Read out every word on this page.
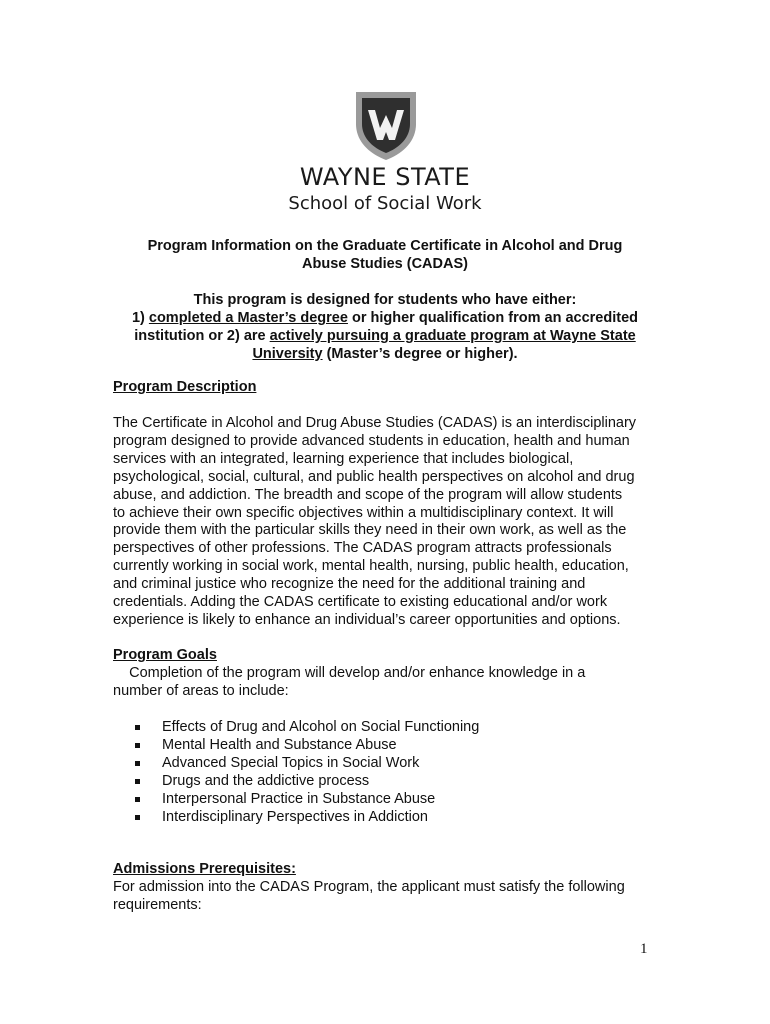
WAYNE STATE
School of Social Work
Program Information on the Graduate Certificate in Alcohol and Drug
Abuse Studies (CADAS)
This program is designed for students who have either:
1) completed a Master’s degree or higher qualification from an accredited
institution or 2) are actively pursuing a graduate program at Wayne State
University (Master’s degree or higher).
Program Description
The Certificate in Alcohol and Drug Abuse Studies (CADAS) is an interdisciplinary
program designed to provide advanced students in education, health and human
services with an integrated, learning experience that includes biological,
psychological, social, cultural, and public health perspectives on alcohol and drug
abuse, and addiction. The breadth and scope of the program will allow students
to achieve their own specific objectives within a multidisciplinary context. It will
provide them with the particular skills they need in their own work, as well as the
perspectives of other professions. The CADAS program attracts professionals
currently working in social work, mental health, nursing, public health, education,
and criminal justice who recognize the need for the additional training and
credentials. Adding the CADAS certificate to existing educational and/or work
experience is likely to enhance an individual’s career opportunities and options.
Program Goals
Completion of the program will develop and/or enhance knowledge in a
number of areas to include:
Effects of Drug and Alcohol on Social Functioning
Mental Health and Substance Abuse
Advanced Special Topics in Social Work
Drugs and the addictive process
Interpersonal Practice in Substance Abuse
Interdisciplinary Perspectives in Addiction
Admissions Prerequisites:
For admission into the CADAS Program, the applicant must satisfy the following
requirements:
1
